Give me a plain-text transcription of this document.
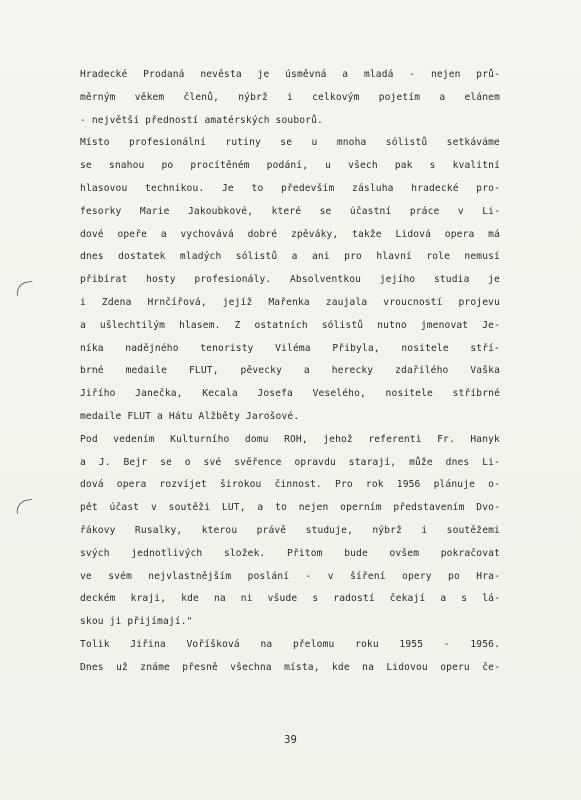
Hradecké Prodaná nevěsta je úsměvná a mladá - nejen prů-
měrným věkem členů, nýbrž i celkovým pojetím a elánem
- největší předností amatérských souborů.
Místo profesionální rutiny se u mnoha sólistů setkáváme
se snahou po procítěném podání, u všech pak s kvalitní
hlasovou technikou. Je to především zásluha hradecké pro-
fesorky Marie Jakoubkové, které se účastní práce v Li-
dové opeře a vychovává dobré zpěváky, takže Lidová opera má
dnes dostatek mladých sólistů a ani pro hlavní role nemusí
přibírat hosty profesionály. Absolventkou jejího studia je
i Zdena Hrnčířová, jejíž Mařenka zaujala vroucností projevu
a ušlechtilým hlasem. Z ostatních sólistů nutno jmenovat Je-
níka nadějného tenoristy Viléma Přibyla, nositele stří-
brné medaile FLUT, pěvecky a herecky zdařilého Vaška
Jiřího Janečka, Kecala Josefa Veselého, nositele stříbrné
medaile FLUT a Hátu Alžběty Jarošové.
Pod vedením Kulturního domu ROH, jehož referenti Fr. Hanyk
a J. Bejr se o své svěřence opravdu starají, může dnes Li-
dová opera rozvíjet širokou činnost. Pro rok 1956 plánuje o-
pět účast v soutěži LUT, a to nejen operním představením Dvo-
řákovy Rusalky, kterou právě studuje, nýbrž i soutěžemi
svých jednotlivých složek. Přitom bude ovšem pokračovat
ve svém nejvlastnějším poslání - v šíření opery po Hra-
deckém kraji, kde na ni všude s radostí čekají a s lá-
skou ji přijímají."
Tolik Jiřina Voříšková na přelomu roku 1955 - 1956.
Dnes už známe přesně všechna místa, kde na Lidovou operu če-
39
